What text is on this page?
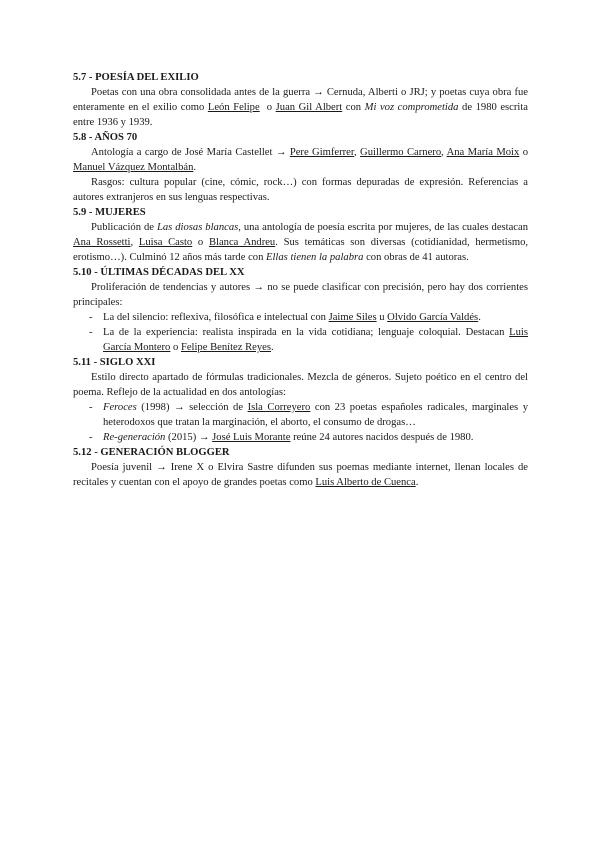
5.7 - POESÍA DEL EXILIO

Poetas con una obra consolidada antes de la guerra → Cernuda, Alberti o JRJ; y poetas cuya obra fue enteramente en el exilio como León Felipe  o Juan Gil Albert con Mi voz comprometida de 1980 escrita entre 1936 y 1939.

5.8 - AÑOS 70

Antología a cargo de José María Castellet → Pere Gimferrer, Guillermo Carnero, Ana María Moix o Manuel Vázquez Montalbán.

Rasgos: cultura popular (cine, cómic, rock…) con formas depuradas de expresión. Referencias a autores extranjeros en sus lenguas respectivas.

5.9 - MUJERES

Publicación de Las diosas blancas, una antología de poesía escrita por mujeres, de las cuales destacan Ana Rossetti, Luisa Casto o Blanca Andreu. Sus temáticas son diversas (cotidianidad, hermetismo, erotismo…). Culminó 12 años más tarde con Ellas tienen la palabra con obras de 41 autoras.

5.10 - ÚLTIMAS DÉCADAS DEL XX

Proliferación de tendencias y autores → no se puede clasificar con precisión, pero hay dos corrientes principales:

- La del silencio: reflexiva, filosófica e intelectual con Jaime Siles u Olvido García Valdés.
- La de la experiencia: realista inspirada en la vida cotidiana; lenguaje coloquial. Destacan Luis García Montero o Felipe Benítez Reyes.

5.11 - SIGLO XXI

Estilo directo apartado de fórmulas tradicionales. Mezcla de géneros. Sujeto poético en el centro del poema. Reflejo de la actualidad en dos antologías:

- Feroces (1998) → selección de Isla Correyero con 23 poetas españoles radicales, marginales y heterodoxos que tratan la marginación, el aborto, el consumo de drogas…
- Re-generación (2015) → José Luis Morante reúne 24 autores nacidos después de 1980.

5.12 - GENERACIÓN BLOGGER

Poesía juvenil → Irene X o Elvira Sastre difunden sus poemas mediante internet, llenan locales de recitales y cuentan con el apoyo de grandes poetas como Luis Alberto de Cuenca.
